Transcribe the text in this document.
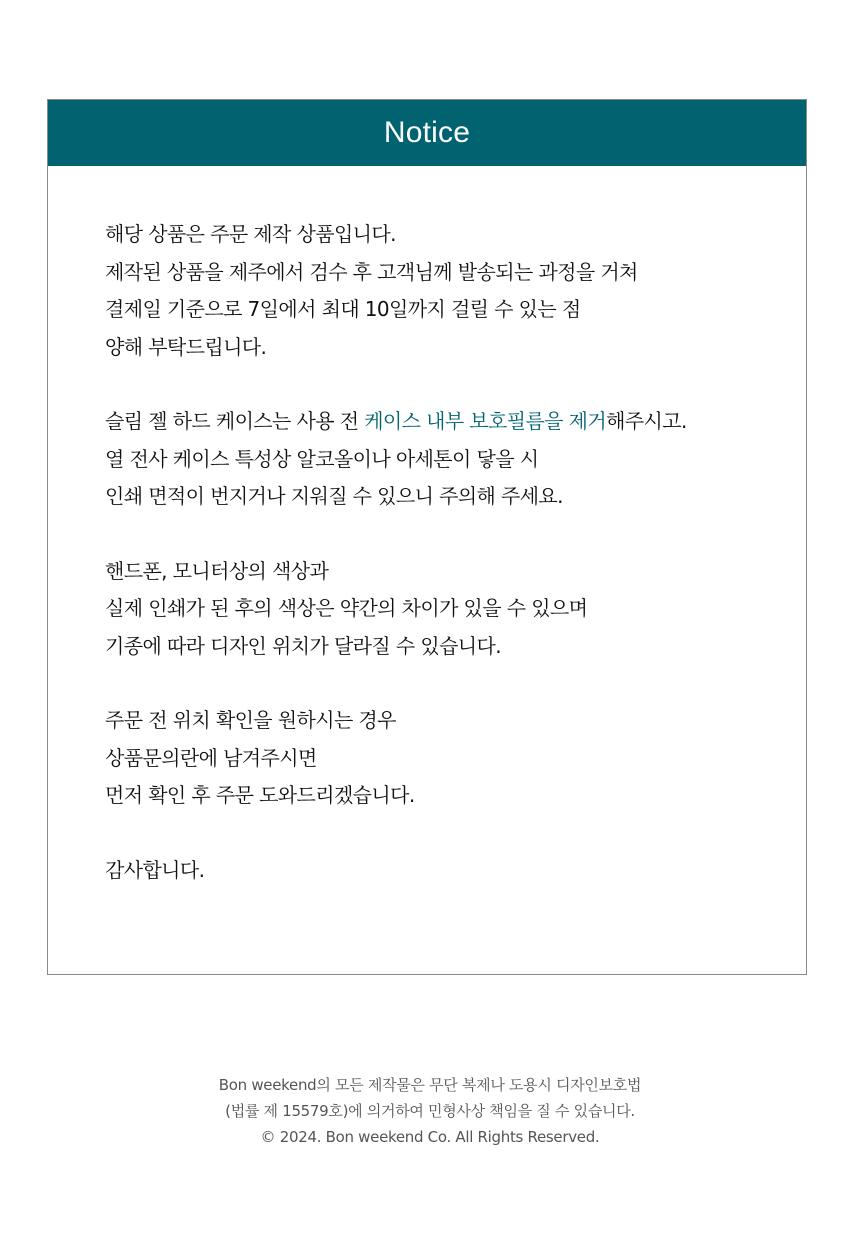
Notice
해당 상품은 주문 제작 상품입니다.
제작된 상품을 제주에서 검수 후 고객님께 발송되는 과정을 거쳐
결제일 기준으로 7일에서 최대 10일까지 걸릴 수 있는 점
양해 부탁드립니다.
슬림 젤 하드 케이스는 사용 전 케이스 내부 보호필름을 제거해주시고.
열 전사 케이스 특성상 알코올이나 아세톤이 닿을 시
인쇄 면적이 번지거나 지워질 수 있으니 주의해 주세요.
핸드폰, 모니터상의 색상과
실제 인쇄가 된 후의 색상은 약간의 차이가 있을 수 있으며
기종에 따라 디자인 위치가 달라질 수 있습니다.
주문 전 위치 확인을 원하시는 경우
상품문의란에 남겨주시면
먼저 확인 후 주문 도와드리겠습니다.
감사합니다.
Bon weekend의 모든 제작물은 무단 복제나 도용시 디자인보호법
(법률 제 15579호)에 의거하여 민형사상 책임을 질 수 있습니다.
© 2024. Bon weekend Co. All Rights Reserved.
